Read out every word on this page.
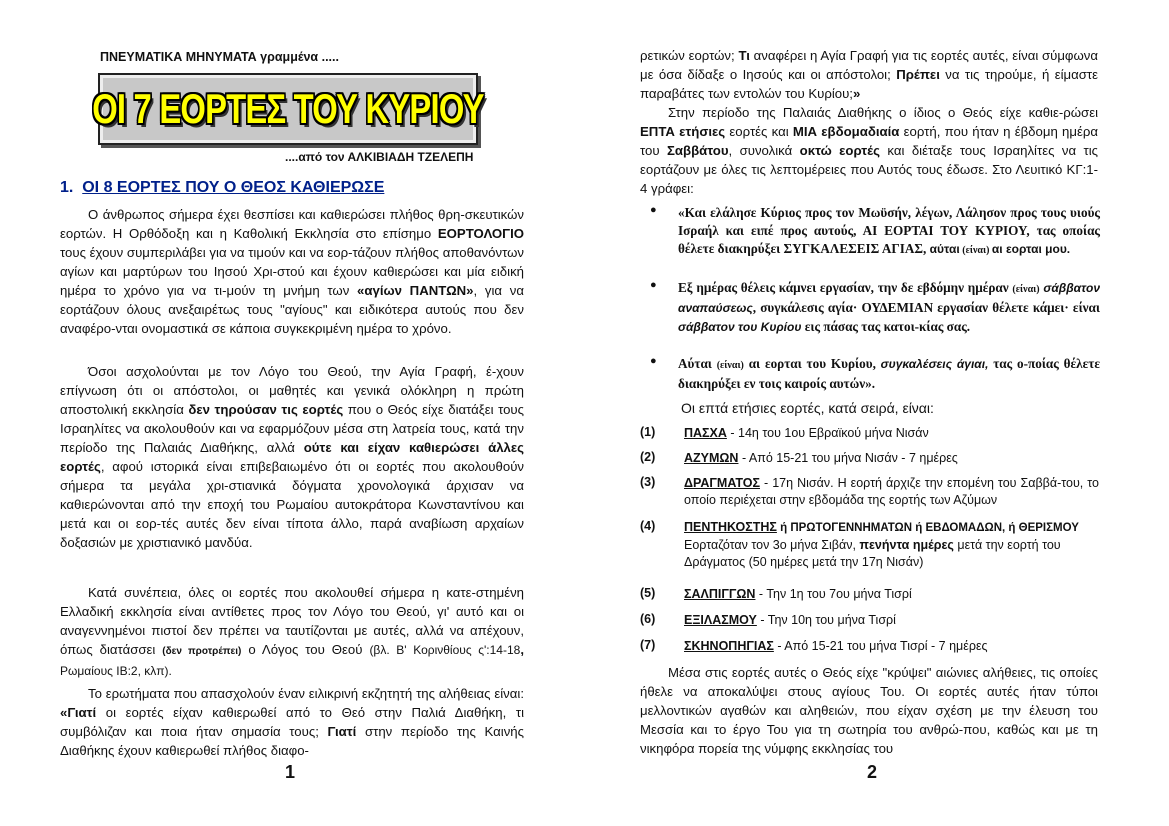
ΠΝΕΥΜΑΤΙΚΑ ΜΗΝΥΜΑΤΑ γραμμένα .....
ΟΙ 7 ΕΟΡΤΕΣ ΤΟΥ ΚΥΡΙΟΥ
....από τον ΑΛΚΙΒΙΑΔΗ ΤΖΕΛΕΠΗ
1. ΟΙ 8 ΕΟΡΤΕΣ ΠΟΥ Ο ΘΕΟΣ ΚΑΘΙΕΡΩΣΕ

Ο άνθρωπος σήμερα έχει θεσπίσει και καθιερώσει πλήθος θρη-σκευτικών εορτών. Η Ορθόδοξη και η Καθολική Εκκλησία στο επίσημο ΕΟΡΤΟΛΟΓΙΟ τους έχουν συμπεριλάβει για να τιμούν και να εορ-τάζουν πλήθος αποθανόντων αγίων και μαρτύρων του Ιησού Χρι-στού και έχουν καθιερώσει και μία ειδική ημέρα το χρόνο για να τι-μούν τη μνήμη των «αγίων ΠΑΝΤΩΝ», για να εορτάζουν όλους ανεξαιρέτως τους "αγίους" και ειδικότερα αυτούς που δεν αναφέρο-νται ονομαστικά σε κάποια συγκεκριμένη ημέρα το χρόνο.

Όσοι ασχολούνται με τον Λόγο του Θεού, την Αγία Γραφή, έ-χουν επίγνωση ότι οι απόστολοι, οι μαθητές και γενικά ολόκληρη η πρώτη αποστολική εκκλησία δεν τηρούσαν τις εορτές που ο Θεός είχε διατάξει τους Ισραηλίτες να ακολουθούν και να εφαρμόζουν μέσα στη λατρεία τους, κατά την περίοδο της Παλαιάς Διαθήκης, αλλά ούτε και είχαν καθιερώσει άλλες εορτές, αφού ιστορικά είναι επιβεβαιωμένο ότι οι εορτές που ακολουθούν σήμερα τα μεγάλα χρι-στιανικά δόγματα χρονολογικά άρχισαν να καθιερώνονται από την εποχή του Ρωμαίου αυτοκράτορα Κωνσταντίνου και μετά και οι εορ-τές αυτές δεν είναι τίποτα άλλο, παρά αναβίωση αρχαίων δοξασιών με χριστιανικό μανδύα.

Κατά συνέπεια, όλες οι εορτές που ακολουθεί σήμερα η κατε-στημένη Ελλαδική εκκλησία είναι αντίθετες προς τον Λόγο του Θεού, γι' αυτό και οι αναγεννημένοι πιστοί δεν πρέπει να ταυτίζονται με αυτές, αλλά να απέχουν, όπως διατάσσει (δεν προτρέπει) ο Λόγος του Θεού (βλ. Β' Κορινθίους ς':14-18, Ρωμαίους ΙΒ:2, κλπ).

Το ερωτήματα που απασχολούν έναν ειλικρινή εκζητητή της αλήθειας είναι: «Γιατί οι εορτές είχαν καθιερωθεί από το Θεό στην Παλιά Διαθήκη, τι συμβόλιζαν και ποια ήταν σημασία τους; Γιατί στην περίοδο της Καινής Διαθήκης έχουν καθιερωθεί πλήθος διαφο-

1

ρετικών εορτών; Τι αναφέρει η Αγία Γραφή για τις εορτές αυτές, είναι σύμφωνα με όσα δίδαξε ο Ιησούς και οι απόστολοι; Πρέπει να τις τηρούμε, ή είμαστε παραβάτες των εντολών του Κυρίου;»

Στην περίοδο της Παλαιάς Διαθήκης ο ίδιος ο Θεός είχε καθιε-ρώσει ΕΠΤΑ ετήσιες εορτές και ΜΙΑ εβδομαδιαία εορτή, που ήταν η έβδομη ημέρα του Σαββάτου, συνολικά οκτώ εορτές και διέταξε τους Ισραηλίτες να τις εορτάζουν με όλες τις λεπτομέρειες που Αυτός τους έδωσε. Στο Λευιτικό ΚΓ:1-4 γράφει:

● «Και ελάλησε Κύριος προς τον Μωϋσήν, λέγων, Λάλησον προς τους υιούς Ισραήλ και ειπέ προς αυτούς, ΑΙ ΕΟΡΤΑΙ ΤΟΥ ΚΥΡΙΟΥ, τας οποίας θέλετε διακηρύξει ΣΥΓΚΑΛΕΣΕΙΣ ΑΓΙΑΣ, αύται (είναι) αι εορται μου.

● Εξ ημέρας θέλεις κάμνει εργασίαν, την δε εβδόμην ημέραν (είναι) σάββατον αναπαύσεως, συγκάλεσις αγία· ΟΥΔΕΜΙΑΝ εργασίαν θέλετε κάμει· είναι σάββατον του Κυρίου εις πάσας τας κατοι-κίας σας.

● Αύται (είναι) αι εορται του Κυρίου, συγκαλέσεις άγιαι, τας ο-ποίας θέλετε διακηρύξει εν τοις καιροίς αυτών».

Οι επτά ετήσιες εορτές, κατά σειρά, είναι:
(1)	ΠΑΣΧΑ - 14η του 1ου Εβραϊκού μήνα Νισάν
(2)	ΑΖΥΜΩΝ - Από 15-21 του μήνα Νισάν - 7 ημέρες
(3)	ΔΡΑΓΜΑΤΟΣ - 17η Νισάν. Η εορτή άρχιζε την επομένη του Σαββά-του, το οποίο περιέχεται στην εβδομάδα της εορτής των Αζύμων
(4)	ΠΕΝΤΗΚΟΣΤΗΣ ή ΠΡΩΤΟΓΕΝΝΗΜΑΤΩΝ ή ΕΒΔΟΜΑΔΩΝ, ή ΘΕΡΙΣΜΟΥ
Εορταζόταν τον 3ο μήνα Σιβάν, πενήντα ημέρες μετά την εορτή του Δράγματος (50 ημέρες μετά την 17η Νισάν)
(5)	ΣΑΛΠΙΓΓΩΝ - Την 1η του 7ου μήνα Τισρί
(6)	ΕΞΙΛΑΣΜΟΥ - Την 10η του μήνα Τισρί
(7)	ΣΚΗΝΟΠΗΓΙΑΣ - Από 15-21 του μήνα Τισρί - 7 ημέρες

Μέσα στις εορτές αυτές ο Θεός είχε "κρύψει" αιώνιες αλήθειες, τις οποίες ήθελε να αποκαλύψει στους αγίους Του. Οι εορτές αυτές ήταν τύποι μελλοντικών αγαθών και αληθειών, που είχαν σχέση με την έλευση του Μεσσία και το έργο Του για τη σωτηρία του ανθρώ-που, καθώς και με τη νικηφόρα πορεία της νύμφης εκκλησίας του

2
